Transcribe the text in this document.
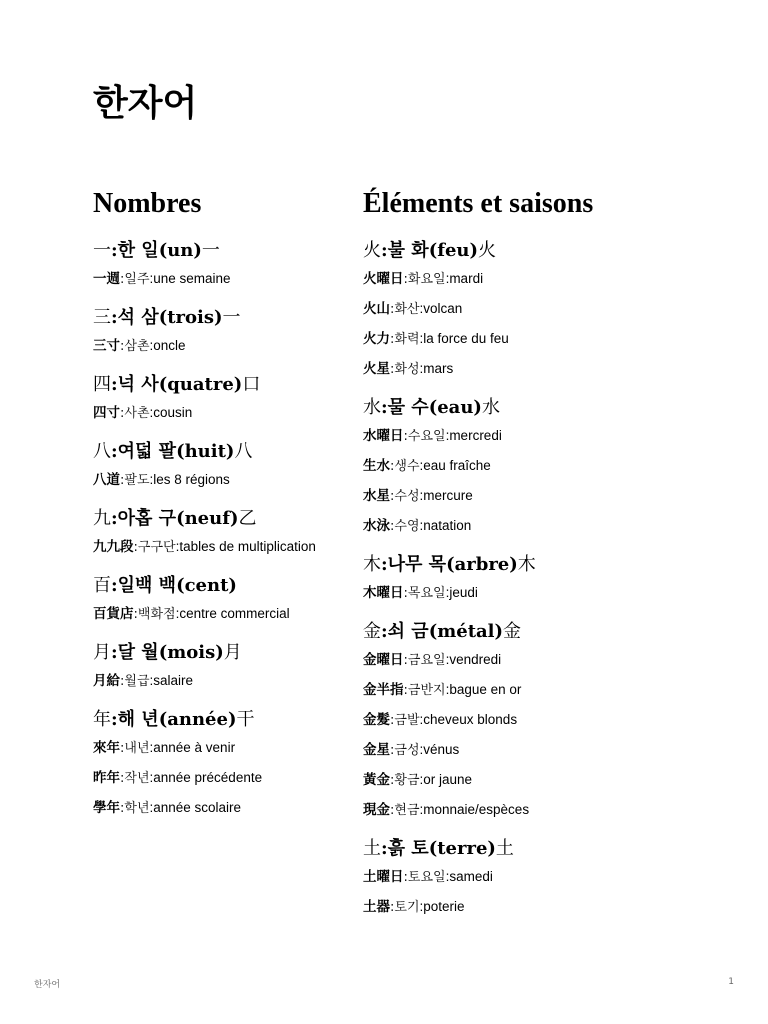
한자어
Nombres
一:한 일(un)一
一週:일주:une semaine
三:석 삼(trois)一
三寸:삼촌:oncle
四:넉 사(quatre)口
四寸:사촌:cousin
八:여덟 팔(huit)八
八道:팔도:les 8 régions
九:아홉 구(neuf)乙
九九段:구구단:tables de multiplication
百:일백 백(cent)
百貨店:백화점:centre commercial
月:달 월(mois)月
月給:월급:salaire
年:해 년(année)干
來年:내년:année à venir
昨年:작년:année précédente
學年:학년:année scolaire
Éléments et saisons
火:불 화(feu)火
火曜日:화요일:mardi
火山:화산:volcan
火力:화력:la force du feu
火星:화성:mars
水:물 수(eau)水
水曜日:수요일:mercredi
生水:생수:eau fraîche
水星:수성:mercure
水泳:수영:natation
木:나무 목(arbre)木
木曜日:목요일:jeudi
金:쇠 금(métal)金
金曜日:금요일:vendredi
金半指:금반지:bague en or
金髮:금발:cheveux blonds
金星:금성:vénus
黃金:황금:or jaune
現金:현금:monnaie/espèces
土:흙 토(terre)土
土曜日:토요일:samedi
土器:토기:poterie
한자어	1
